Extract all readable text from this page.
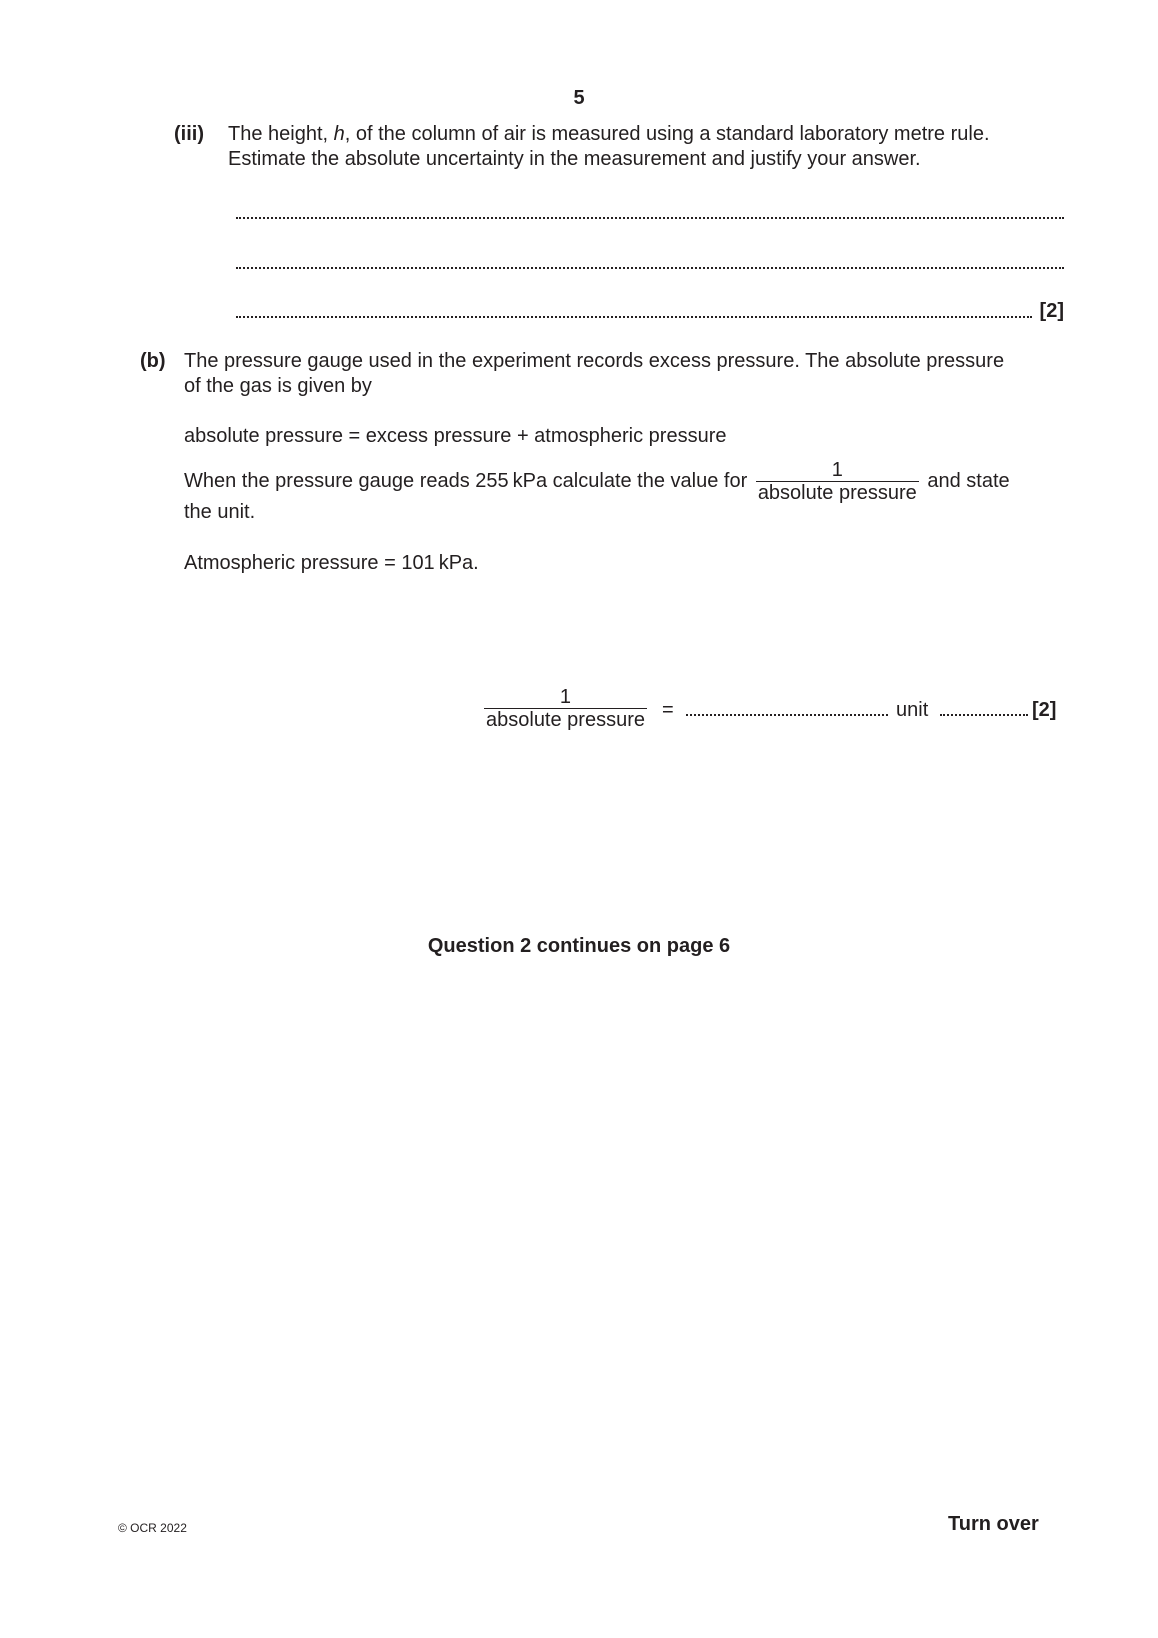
5
(iii) The height, h, of the column of air is measured using a standard laboratory metre rule.
Estimate the absolute uncertainty in the measurement and justify your answer.
[2]
(b) The pressure gauge used in the experiment records excess pressure. The absolute pressure
of the gas is given by
absolute pressure = excess pressure + atmospheric pressure
When the pressure gauge reads 255 kPa calculate the value for $\frac{1}{\text{absolute pressure}}$ and state
the unit.
Atmospheric pressure = 101 kPa.
1
absolute pressure =	unit	[2]
Question 2 continues on page 6
© OCR 2022	Turn over
